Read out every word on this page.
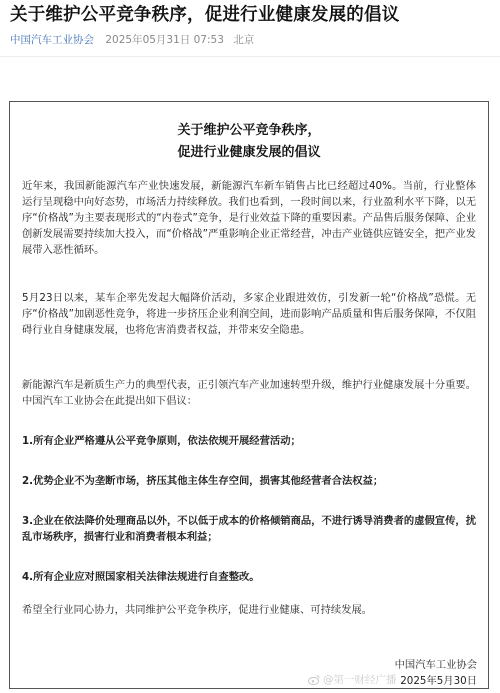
关于维护公平竞争秩序，促进行业健康发展的倡议
中国汽车工业协会 2025年05月31日 07:53 北京
关于维护公平竞争秩序，
促进行业健康发展的倡议

近年来，我国新能源汽车产业快速发展，新能源汽车新车销售占比已经超过40%。当前，行业整体运行呈现稳中向好态势，市场活力持续释放。我们也看到，一段时间以来，行业盈利水平下降，以无序“价格战”为主要表现形式的“内卷式”竞争，是行业效益下降的重要因素。产品售后服务保障、企业创新发展需要持续加大投入，而“价格战”严重影响企业正常经营，冲击产业链供应链安全，把产业发展带入恶性循环。

5月23日以来，某车企率先发起大幅降价活动，多家企业跟进效仿，引发新一轮“价格战”恐慌。无序“价格战”加剧恶性竞争，将进一步挤压企业利润空间，进而影响产品质量和售后服务保障，不仅阻碍行业自身健康发展，也将危害消费者权益，并带来安全隐患。

新能源汽车是新质生产力的典型代表，正引领汽车产业加速转型升级，维护行业健康发展十分重要。中国汽车工业协会在此提出如下倡议：

1.所有企业严格遵从公平竞争原则，依法依规开展经营活动；

2.优势企业不为垄断市场，挤压其他主体生存空间，损害其他经营者合法权益；

3.企业在依法降价处理商品以外，不以低于成本的价格倾销商品，不进行诱导消费者的虚假宣传，扰乱市场秩序，损害行业和消费者根本利益；

4.所有企业应对照国家相关法律法规进行自查整改。

希望全行业同心协力，共同维护公平竞争秩序，促进行业健康、可持续发展。

中国汽车工业协会
2025年5月30日
@第一财经广播
